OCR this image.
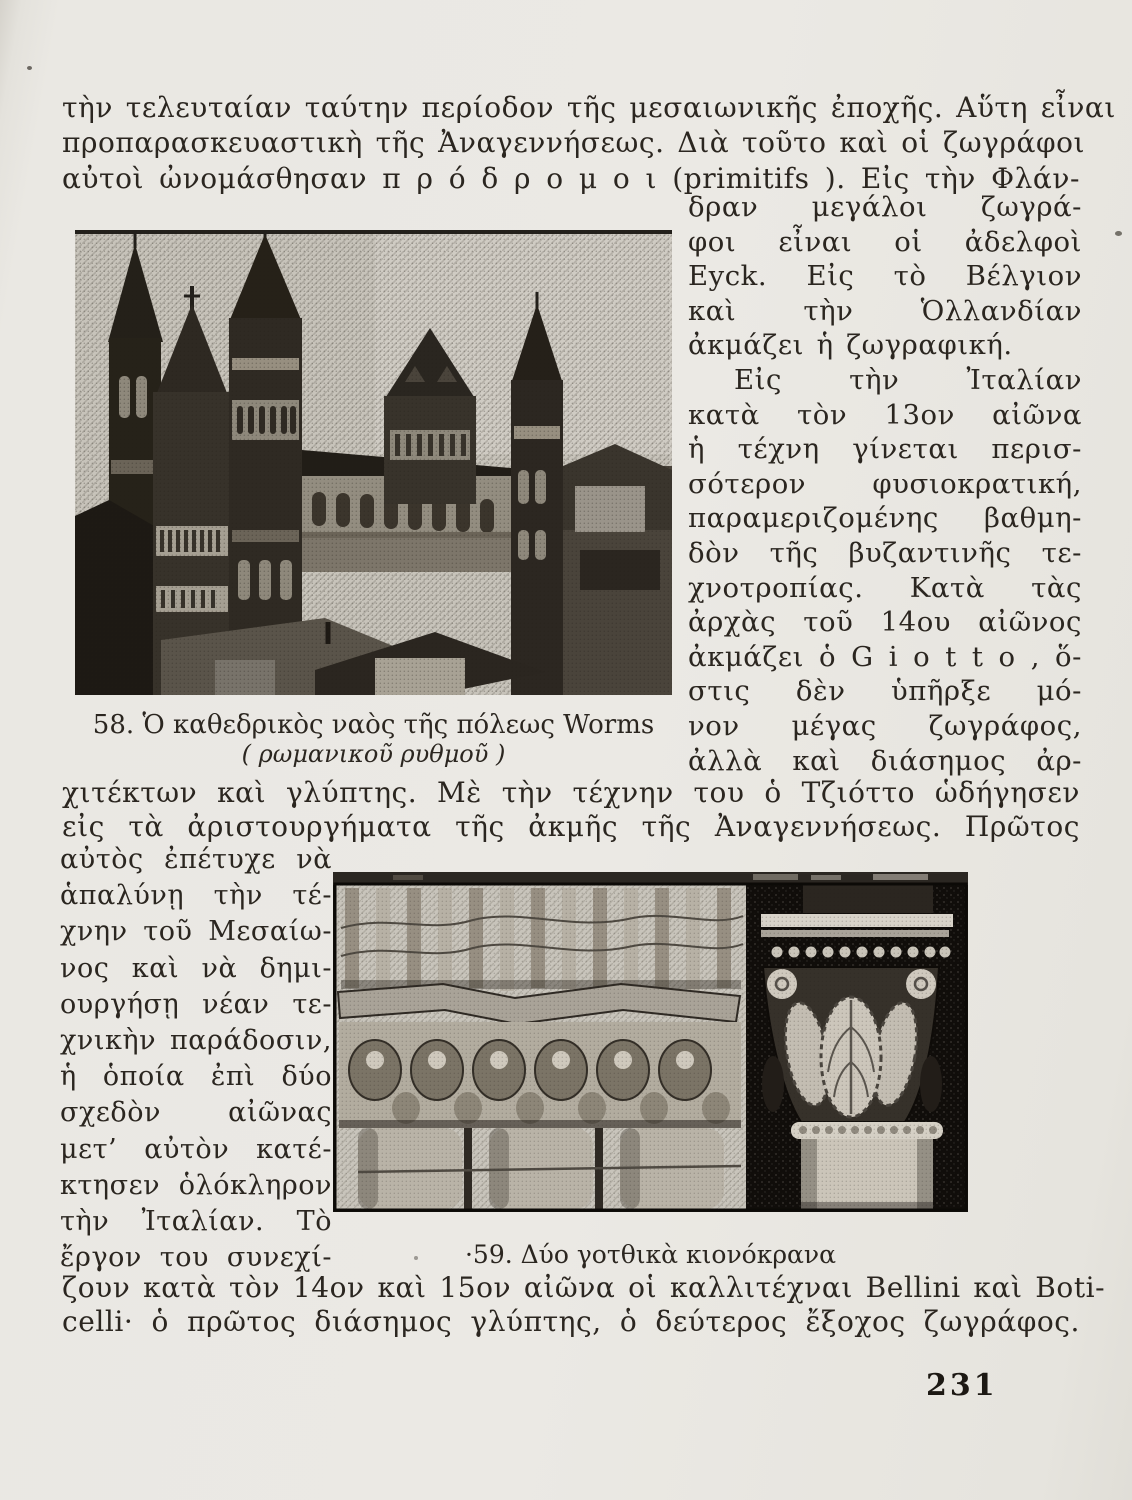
τὴν τελευταίαν ταύτην περίοδον τῆς μεσαιωνικῆς ἐποχῆς. Αὕτη εἶναι
προπαρασκευαστικὴ τῆς Ἀναγεννήσεως. Διὰ τοῦτο καὶ οἱ ζωγράφοι
αὐτοὶ ὠνομάσθησαν π ρ ό δ ρ ο μ ο ι (primitifs ). Εἰς τὴν Φλάν-
δραν μεγάλοι ζωγρά-
φοι εἶναι οἱ ἀδελφοὶ
Eyck. Εἰς τὸ Βέλγιον
καὶ τὴν Ὁλλανδίαν
ἀκμάζει ἡ ζωγραφική.
Εἰς τὴν Ἰταλίαν
κατὰ τὸν 13ον αἰῶνα
ἡ τέχνη γίνεται περισ-
σότερον φυσιοκρατική,
παραμεριζομένης βαθμη-
δὸν τῆς βυζαντινῆς τε-
χνοτροπίας. Κατὰ τὰς
ἀρχὰς τοῦ 14ου αἰῶνος
ἀκμάζει ὁ G i o t t o , ὅ-
στις δὲν ὑπῆρξε μό-
νον μέγας ζωγράφος,
ἀλλὰ καὶ διάσημος ἀρ-
58. Ὁ καθεδρικὸς ναὸς τῆς πόλεως Worms
( ρωμανικοῦ ρυθμοῦ )
χιτέκτων καὶ γλύπτης. Μὲ τὴν τέχνην του ὁ Τζιόττο ὡδήγησεν
εἰς τὰ ἀριστουργήματα τῆς ἀκμῆς τῆς Ἀναγεννήσεως. Πρῶτος
αὐτὸς ἐπέτυχε νὰ
ἁπαλύνῃ τὴν τέ-
χνην τοῦ Μεσαίω-
νος καὶ νὰ δημι-
ουργήσῃ νέαν τε-
χνικὴν παράδοσιν,
ἡ ὁποία ἐπὶ δύο
σχεδὸν αἰῶνας
μετ’ αὐτὸν κατέ-
κτησεν ὁλόκληρον
τὴν Ἰταλίαν. Τὸ
ἔργον του συνεχί-	·59. Δύο γοτθικὰ κιονόκρανα
ζουν κατὰ τὸν 14ον καὶ 15ον αἰῶνα οἱ καλλιτέχναι Bellini καὶ Boti-
celli· ὁ πρῶτος διάσημος γλύπτης, ὁ δεύτερος ἔξοχος ζωγράφος.
231
